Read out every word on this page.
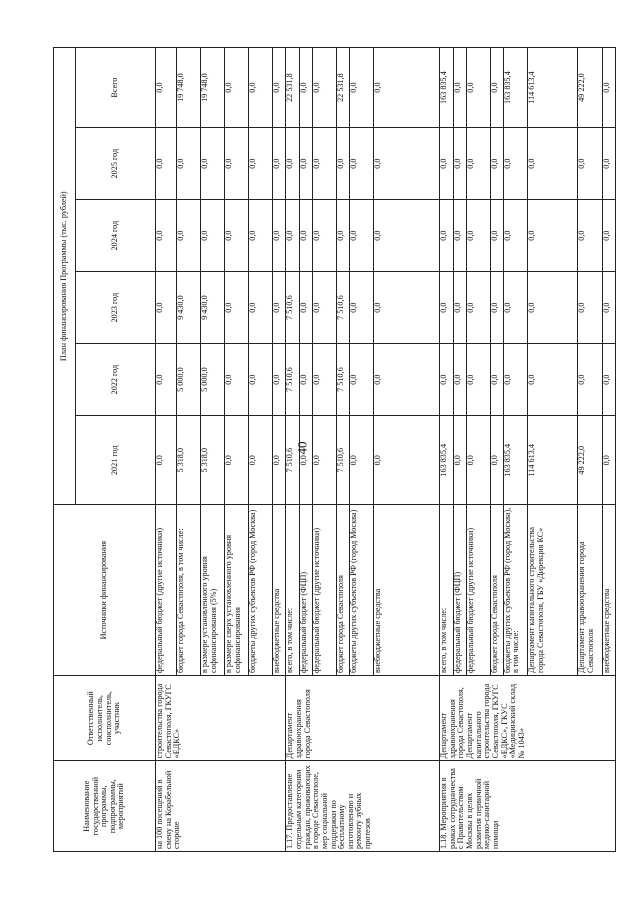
40
Наименование государственной программы, подпрограммы, мероприятий	Ответственный исполнитель, соисполнитель, участник	Источники финансирования	План финансирования Программы (тыс. рублей)					
			2021 год	2022 год	2023 год	2024 год	2025 год	Всего
на 100 посещений в смену на Корабельной стороне	строительства города Севастополя, ГКУГС «ЕДКС»	федеральный бюджет (другие источники)	0,0	0,0	0,0	0,0	0,0	0,0
		бюджет города Севастополя, в том числе:	5 318,0	5 000,0	9 430,0	0,0	0,0	19 748,0
		в размере установленного уровня софинансирования (5%)	5 318,0	5 000,0	9 430,0	0,0	0,0	19 748,0
		в размере сверх установленного уровня софинансирования	0,0	0,0	0,0	0,0	0,0	0,0
		бюджеты других субъектов РФ (город Москва)	0,0	0,0	0,0	0,0	0,0	0,0
		внебюджетные средства	0,0	0,0	0,0	0,0	0,0	0,0
1.17. Предоставление отдельным категориям граждан, проживающих в городе Севастополе, мер социальной поддержки по бесплатному изготовлению и ремонту зубных протезов	Департамент здравоохранения города Севастополя	всего, в том числе:	7 510,6	7 510,6	7 510,6	0,0	0,0	22 531,8
		федеральный бюджет (ФЦП)	0,0	0,0	0,0	0,0	0,0	0,0
		федеральный бюджет (другие источники)	0,0	0,0	0,0	0,0	0,0	0,0
		бюджет города Севастополя	7 510,6	7 510,6	7 510,6	0,0	0,0	22 531,8
		бюджеты других субъектов РФ (город Москва)	0,0	0,0	0,0	0,0	0,0	0,0
		внебюджетные средства	0,0	0,0	0,0	0,0	0,0	0,0
1.18. Мероприятия в рамках сотрудничества с Правительством Москвы в целях развития первичной медико-санитарной помощи	Департамент здравоохранения города Севастополя, Департамент капитального строительства города Севастополя, ГКУГС «ЕДКС», ГКУС «Медицинский склад № 1043»	всего, в том числе:	163 835,4	0,0	0,0	0,0	0,0	163 835,4
		федеральный бюджет (ФЦП)	0,0	0,0	0,0	0,0	0,0	0,0
		федеральный бюджет (другие источники)	0,0	0,0	0,0	0,0	0,0	0,0
		бюджет города Севастополя	0,0	0,0	0,0	0,0	0,0	0,0
		бюджеты других субъектов РФ (город Москва), в том числе:	163 835,4	0,0	0,0	0,0	0,0	163 835,4
		Департамент капитального строительства города Севастополя, ГБУ «Дирекция КС»	114 613,4	0,0	0,0	0,0	0,0	114 613,4
		Департамент здравоохранения города Севастополя	49 222,0	0,0	0,0	0,0	0,0	49 222,0
		внебюджетные средства	0,0	0,0	0,0	0,0	0,0	0,0
